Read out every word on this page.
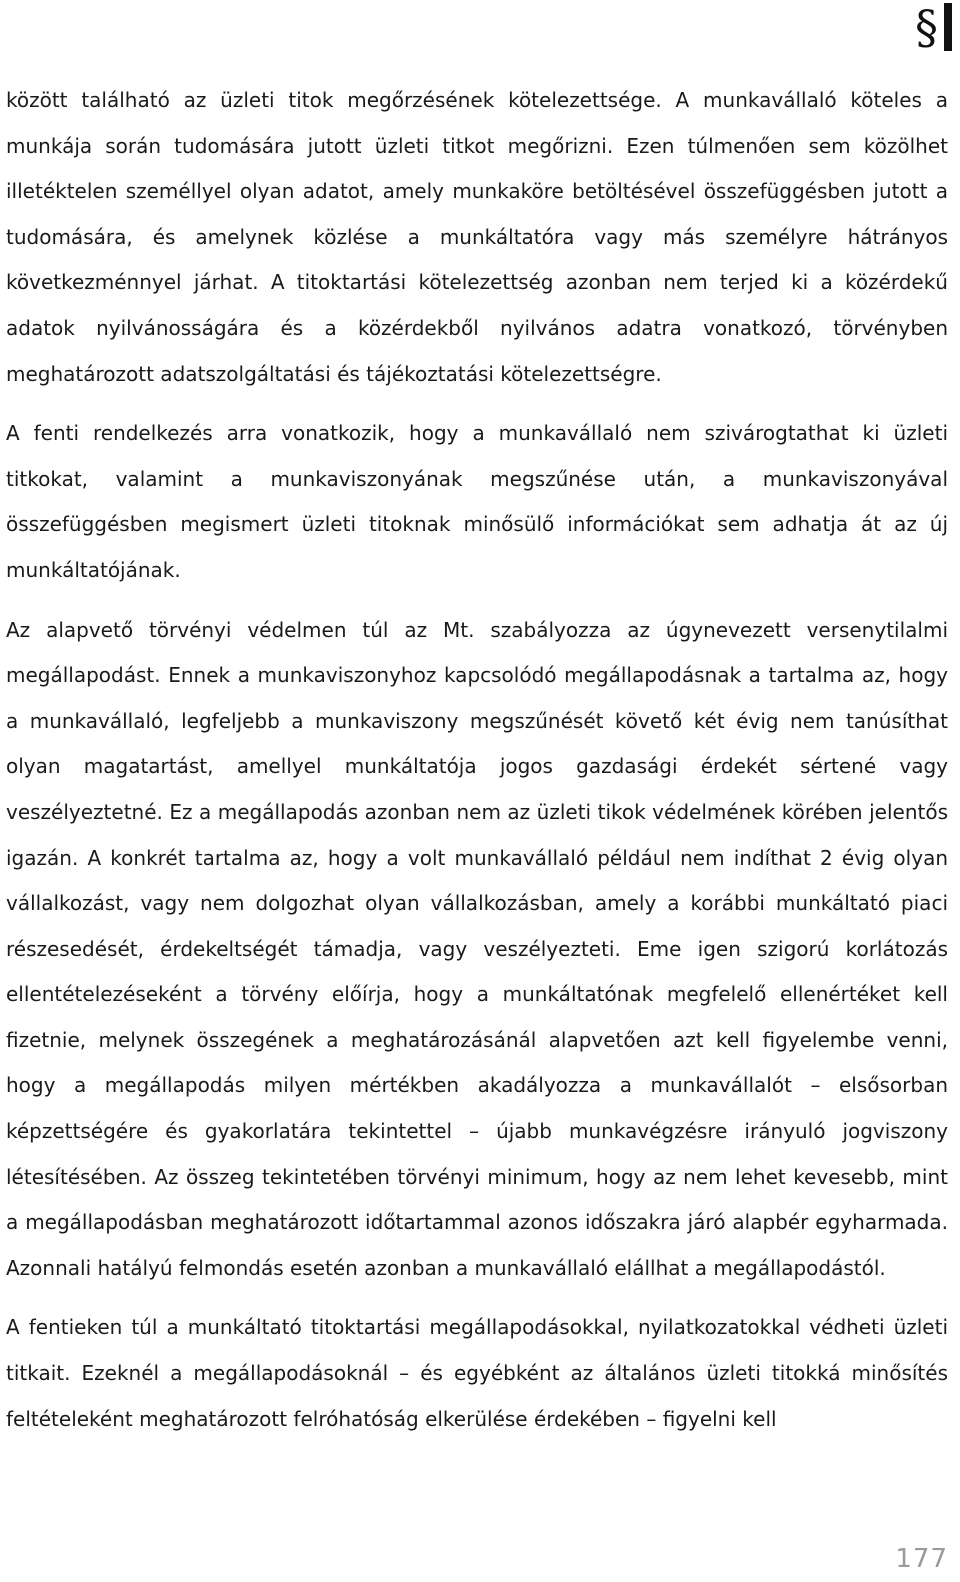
§

között található az üzleti titok megőrzésének kötelezettsége. A munkavállaló köteles a munkája során tudomására jutott üzleti titkot megőrizni. Ezen túlmenően sem közölhet illetéktelen személlyel olyan adatot, amely munkaköre betöltésével összefüggésben jutott a tudomására, és amelynek közlése a munkáltatóra vagy más személyre hátrányos következménnyel járhat. A titoktartási kötelezettség azonban nem terjed ki a közérdekű adatok nyilvánosságára és a közérdekből nyilvános adatra vonatkozó, törvényben meghatározott adatszolgáltatási és tájékoztatási kötelezettségre.

A fenti rendelkezés arra vonatkozik, hogy a munkavállaló nem szivárogtathat ki üzleti titkokat, valamint a munkaviszonyának megszűnése után, a munkaviszonyával összefüggésben megismert üzleti titoknak minősülő információkat sem adhatja át az új munkáltatójának.

Az alapvető törvényi védelmen túl az Mt. szabályozza az úgynevezett versenytilalmi megállapodást. Ennek a munkaviszonyhoz kapcsolódó megállapodásnak a tartalma az, hogy a munkavállaló, legfeljebb a munkaviszony megszűnését követő két évig nem tanúsíthat olyan magatartást, amellyel munkáltatója jogos gazdasági érdekét sértené vagy veszélyeztetné. Ez a megállapodás azonban nem az üzleti tikok védelmének körében jelentős igazán. A konkrét tartalma az, hogy a volt munkavállaló például nem indíthat 2 évig olyan vállalkozást, vagy nem dolgozhat olyan vállalkozásban, amely a korábbi munkáltató piaci részesedését, érdekeltségét támadja, vagy veszélyezteti. Eme igen szigorú korlátozás ellentételezéseként a törvény előírja, hogy a munkáltatónak megfelelő ellenértéket kell fizetnie, melynek összegének a meghatározásánál alapvetően azt kell figyelembe venni, hogy a megállapodás milyen mértékben akadályozza a munkavállalót – elsősorban képzettségére és gyakorlatára tekintettel – újabb munkavégzésre irányuló jogviszony létesítésében. Az összeg tekintetében törvényi minimum, hogy az nem lehet kevesebb, mint a megállapodásban meghatározott időtartammal azonos időszakra járó alapbér egyharmada. Azonnali hatályú felmondás esetén azonban a munkavállaló elállhat a megállapodástól.

A fentieken túl a munkáltató titoktartási megállapodásokkal, nyilatkozatokkal védheti üzleti titkait. Ezeknél a megállapodásoknál – és egyébként az általános üzleti titokká minősítés feltételeként meghatározott felróhatóság elkerülése érdekében – figyelni kell

177
